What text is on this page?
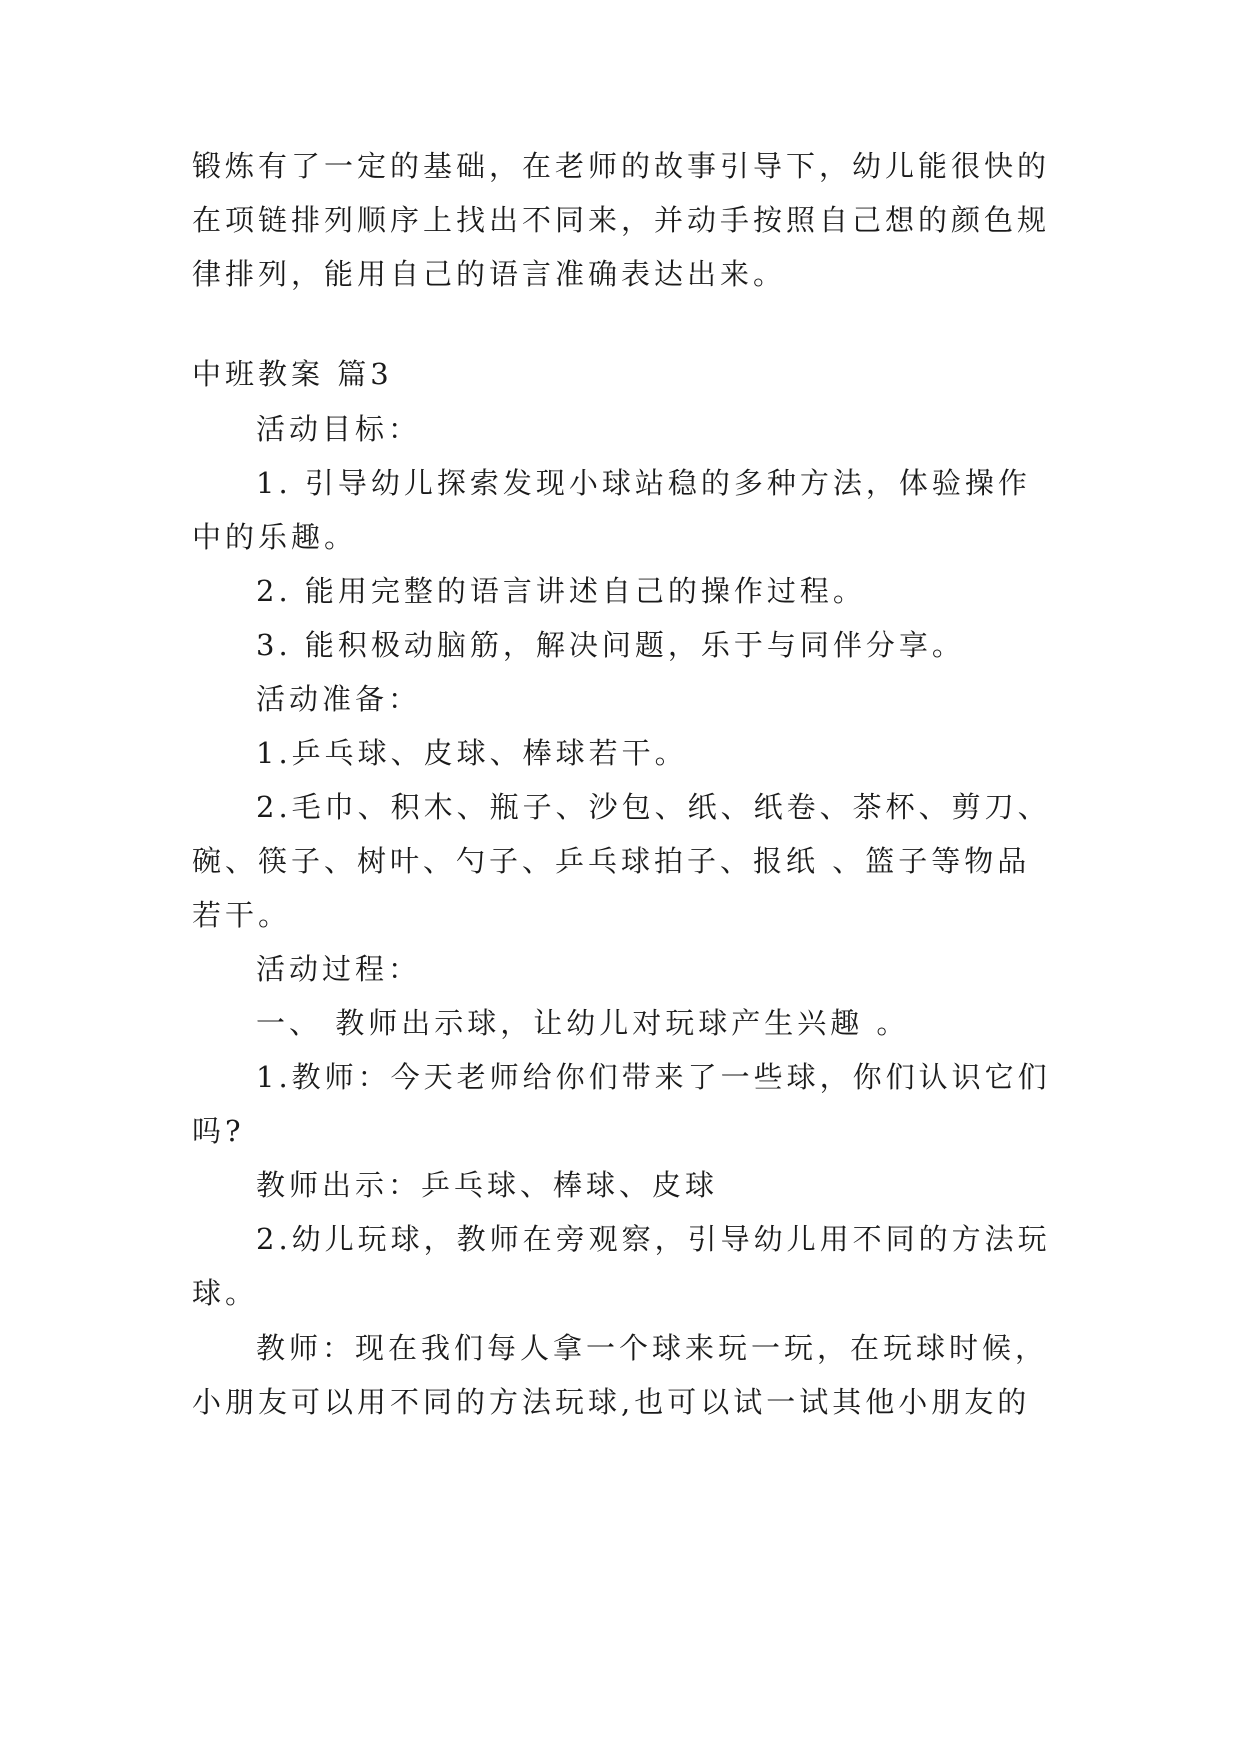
锻炼有了一定的基础，在老师的故事引导下，幼儿能很快的

在项链排列顺序上找出不同来，并动手按照自己想的颜色规

律排列，能用自己的语言准确表达出来。

中班教案 篇3

活动目标：

1. 引导幼儿探索发现小球站稳的多种方法，体验操作

中的乐趣。

2. 能用完整的语言讲述自己的操作过程。

3. 能积极动脑筋，解决问题，乐于与同伴分享。

活动准备：

1.乒乓球、皮球、棒球若干。

2.毛巾、积木、瓶子、沙包、纸、纸卷、茶杯、剪刀、

碗、筷子、树叶、勺子、乒乓球拍子、报纸 、篮子等物品

若干。

活动过程：

一、 教师出示球，让幼儿对玩球产生兴趣 。

1.教师：今天老师给你们带来了一些球，你们认识它们

吗?

教师出示：乒乓球、棒球、皮球

2.幼儿玩球，教师在旁观察，引导幼儿用不同的方法玩

球。

教师：现在我们每人拿一个球来玩一玩，在玩球时候，

小朋友可以用不同的方法玩球,也可以试一试其他小朋友的
